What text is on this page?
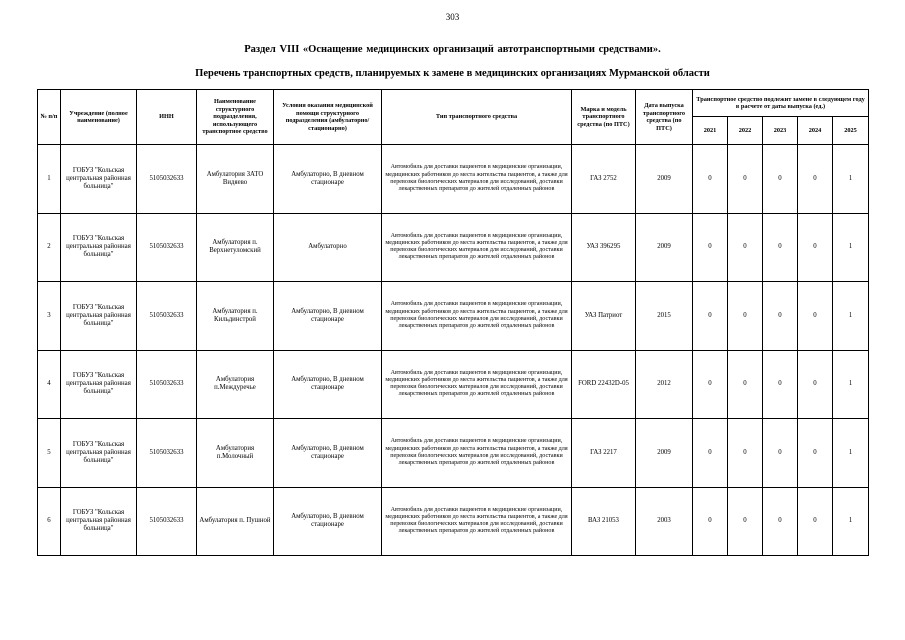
303
Раздел VIII «Оснащение медицинских организаций автотранспортными средствами».
Перечень транспортных средств, планируемых к замене в медицинских организациях Мурманской области
№ п/п	Учреждение (полное наименование)	ИНН	Наименование структурного подразделения, использующего транспортное средство	Условия оказания медицинской помощи структурного подразделения (амбулаторно/стационарно)	Тип транспортного средства	Марка и модель транспортного средства (по ПТС)	Дата выпуска транспортного средства (по ПТС)	Транспортное средство подлежит замене в следующем году в расчете от даты выпуска (ед.)				
								2021	2022	2023	2024	2025
1	ГОБУЗ "Кольская центральная районная больница"	5105032633	Амбулатория ЗАТО Видяево	Амбулаторно, В дневном стационаре	Автомобиль для доставки пациентов в медицинские организации, медицинских работников до места жительства пациентов, а также для перевозки биологических материалов для исследований, доставки лекарственных препаратов до жителей отдаленных районов	ГАЗ 2752	2009	0	0	0	0	1
2	ГОБУЗ "Кольская центральная районная больница"	5105032633	Амбулатория п. Верхнетуломский	Амбулаторно	Автомобиль для доставки пациентов в медицинские организации, медицинских работников до места жительства пациентов, а также для перевозки биологических материалов для исследований, доставки лекарственных препаратов до жителей отдаленных районов	УАЗ 396295	2009	0	0	0	0	1
3	ГОБУЗ "Кольская центральная районная больница"	5105032633	Амбулатория п. Кильдинстрой	Амбулаторно, В дневном стационаре	Автомобиль для доставки пациентов в медицинские организации, медицинских работников до места жительства пациентов, а также для перевозки биологических материалов для исследований, доставки лекарственных препаратов до жителей отдаленных районов	УАЗ Патриот	2015	0	0	0	0	1
4	ГОБУЗ "Кольская центральная районная больница"	5105032633	Амбулатория п.Междуречье	Амбулаторно, В дневном стационаре	Автомобиль для доставки пациентов в медицинские организации, медицинских работников до места жительства пациентов, а также для перевозки биологических материалов для исследований, доставки лекарственных препаратов до жителей отдаленных районов	FORD 22432D-05	2012	0	0	0	0	1
5	ГОБУЗ "Кольская центральная районная больница"	5105032633	Амбулатория п.Молочный	Амбулаторно, В дневном стационаре	Автомобиль для доставки пациентов в медицинские организации, медицинских работников до места жительства пациентов, а также для перевозки биологических материалов для исследований, доставки лекарственных препаратов до жителей отдаленных районов	ГАЗ 2217	2009	0	0	0	0	1
6	ГОБУЗ "Кольская центральная районная больница"	5105032633	Амбулатория п. Пушной	Амбулаторно, В дневном стационаре	Автомобиль для доставки пациентов в медицинские организации, медицинских работников до места жительства пациентов, а также для перевозки биологических материалов для исследований, доставки лекарственных препаратов до жителей отдаленных районов	ВАЗ 21053	2003	0	0	0	0	1
